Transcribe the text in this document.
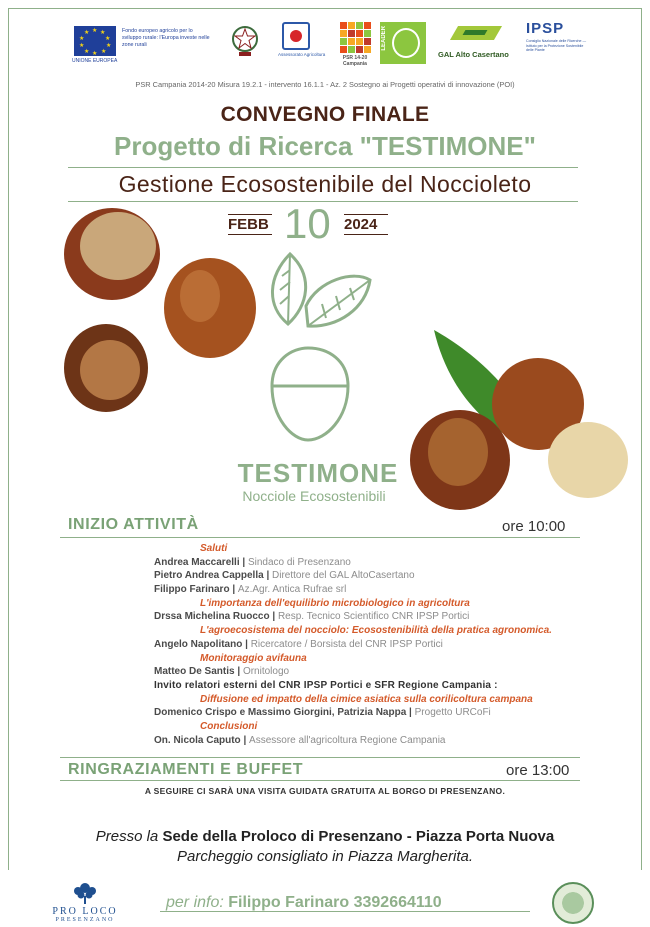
★ ★
★
★
★
★
★
★
★
★
UNIONE EUROPEA
Fondo europeo agricolo per lo sviluppo rurale: l'Europa investe nelle zone rurali
Assessorato Agricoltura
PSR 14-20 Campania
LEADER
GAL Alto Casertano
IPSP
Consiglio Nazionale delle Ricerche — Istituto per la Protezione Sostenibile delle Piante
PSR Campania 2014-20 Misura 19.2.1 - intervento 16.1.1 - Az. 2 Sostegno ai Progetti operativi di innovazione (POI)
CONVEGNO FINALE
Progetto di Ricerca "TESTIMONE"
Gestione Ecosostenibile del Noccioleto
FEBB 10 2024
TESTIMONE
Nocciole Ecosostenibili
INIZIO ATTIVITÀ	ore 10:00
Saluti
Andrea Maccarelli | Sindaco di Presenzano
Pietro Andrea Cappella | Direttore del GAL AltoCasertano
Filippo Farinaro | Az.Agr. Antica Rufrae srl
L'importanza dell'equilibrio microbiologico in agricoltura
Drssa Michelina Ruocco | Resp. Tecnico Scientifico CNR IPSP Portici
L'agroecosistema del nocciolo: Ecosostenibilità della pratica agronomica.
Angelo Napolitano | Ricercatore / Borsista del CNR IPSP Portici
Monitoraggio avifauna
Matteo De Santis | Ornitologo
Invito relatori esterni del CNR IPSP Portici e SFR Regione Campania :
Diffusione ed impatto della cimice asiatica sulla corilicoltura campana
Domenico Crispo e Massimo Giorgini, Patrizia Nappa | Progetto URCoFi
Conclusioni
On. Nicola Caputo | Assessore all'agricoltura Regione Campania
RINGRAZIAMENTI E BUFFET	ore 13:00
A SEGUIRE CI SARÀ UNA VISITA GUIDATA GRATUITA AL BORGO DI PRESENZANO.
Presso la Sede della Proloco di Presenzano - Piazza Porta Nuova
Parcheggio consigliato in Piazza Margherita.
PRO LOCO
PRESENZANO
per info: Filippo Farinaro 3392664110
